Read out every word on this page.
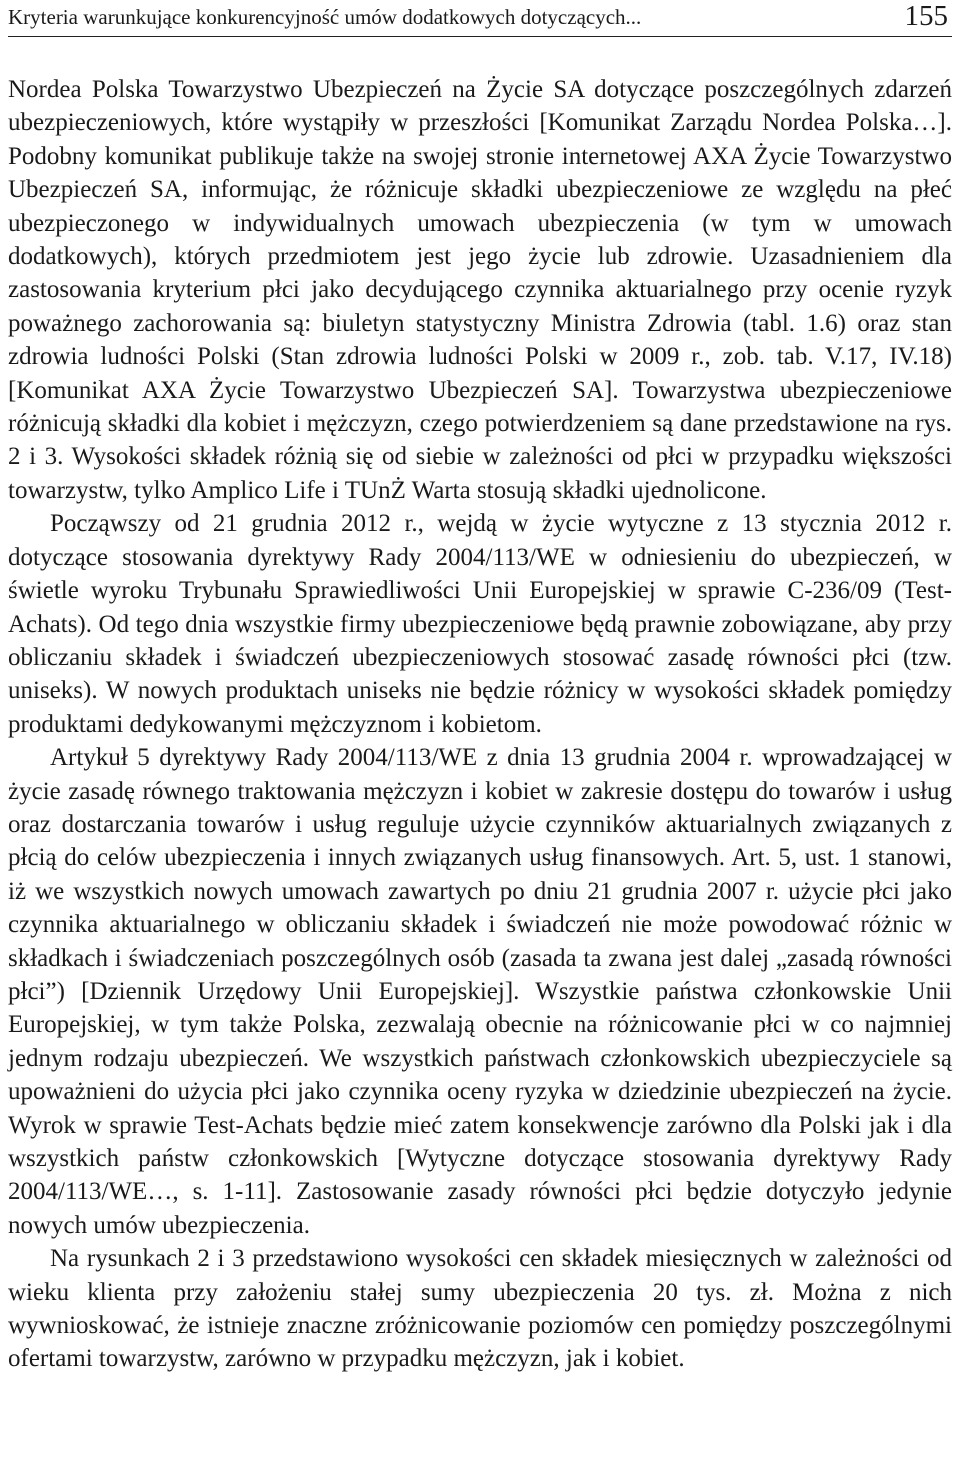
Kryteria warunkujące konkurencyjność umów dodatkowych dotyczących...	155

Nordea Polska Towarzystwo Ubezpieczeń na Życie SA dotyczące poszczególnych zdarzeń ubezpieczeniowych, które wystąpiły w przeszłości [Komunikat Zarządu Nordea Polska…]. Podobny komunikat publikuje także na swojej stronie internetowej AXA Życie Towarzystwo Ubezpieczeń SA, informując, że różnicuje składki ubezpieczeniowe ze względu na płeć ubezpieczonego w indywidualnych umowach ubezpieczenia (w tym w umowach dodatkowych), których przedmiotem jest jego życie lub zdrowie. Uzasadnieniem dla zastosowania kryterium płci jako decydującego czynnika aktuarialnego przy ocenie ryzyk poważnego zachorowania są: biuletyn statystyczny Ministra Zdrowia (tabl. 1.6) oraz stan zdrowia ludności Polski (Stan zdrowia ludności Polski w 2009 r., zob. tab. V.17, IV.18) [Komunikat AXA Życie Towarzystwo Ubezpieczeń SA]. Towarzystwa ubezpieczeniowe różnicują składki dla kobiet i mężczyzn, czego potwierdzeniem są dane przedstawione na rys. 2 i 3. Wysokości składek różnią się od siebie w zależności od płci w przypadku większości towarzystw, tylko Amplico Life i TUnŻ Warta stosują składki ujednolicone.

Począwszy od 21 grudnia 2012 r., wejdą w życie wytyczne z 13 stycznia 2012 r. dotyczące stosowania dyrektywy Rady 2004/113/WE w odniesieniu do ubezpieczeń, w świetle wyroku Trybunału Sprawiedliwości Unii Europejskiej w sprawie C-236/09 (Test-Achats). Od tego dnia wszystkie firmy ubezpieczeniowe będą prawnie zobowiązane, aby przy obliczaniu składek i świadczeń ubezpieczeniowych stosować zasadę równości płci (tzw. uniseks). W nowych produktach uniseks nie będzie różnicy w wysokości składek pomiędzy produktami dedykowanymi mężczyznom i kobietom.

Artykuł 5 dyrektywy Rady 2004/113/WE z dnia 13 grudnia 2004 r. wprowadzającej w życie zasadę równego traktowania mężczyzn i kobiet w zakresie dostępu do towarów i usług oraz dostarczania towarów i usług reguluje użycie czynników aktuarialnych związanych z płcią do celów ubezpieczenia i innych związanych usług finansowych. Art. 5, ust. 1 stanowi, iż we wszystkich nowych umowach zawartych po dniu 21 grudnia 2007 r. użycie płci jako czynnika aktuarialnego w obliczaniu składek i świadczeń nie może powodować różnic w składkach i świadczeniach poszczególnych osób (zasada ta zwana jest dalej „zasadą równości płci”) [Dziennik Urzędowy Unii Europejskiej]. Wszystkie państwa członkowskie Unii Europejskiej, w tym także Polska, zezwalają obecnie na różnicowanie płci w co najmniej jednym rodzaju ubezpieczeń. We wszystkich państwach członkowskich ubezpieczyciele są upoważnieni do użycia płci jako czynnika oceny ryzyka w dziedzinie ubezpieczeń na życie. Wyrok w sprawie Test-Achats będzie mieć zatem konsekwencje zarówno dla Polski jak i dla wszystkich państw członkowskich [Wytyczne dotyczące stosowania dyrektywy Rady 2004/113/WE…, s. 1-11]. Zastosowanie zasady równości płci będzie dotyczyło jedynie nowych umów ubezpieczenia.

Na rysunkach 2 i 3 przedstawiono wysokości cen składek miesięcznych w zależności od wieku klienta przy założeniu stałej sumy ubezpieczenia 20 tys. zł. Można z nich wywnioskować, że istnieje znaczne zróżnicowanie poziomów cen pomiędzy poszczególnymi ofertami towarzystw, zarówno w przypadku mężczyzn, jak i kobiet.
